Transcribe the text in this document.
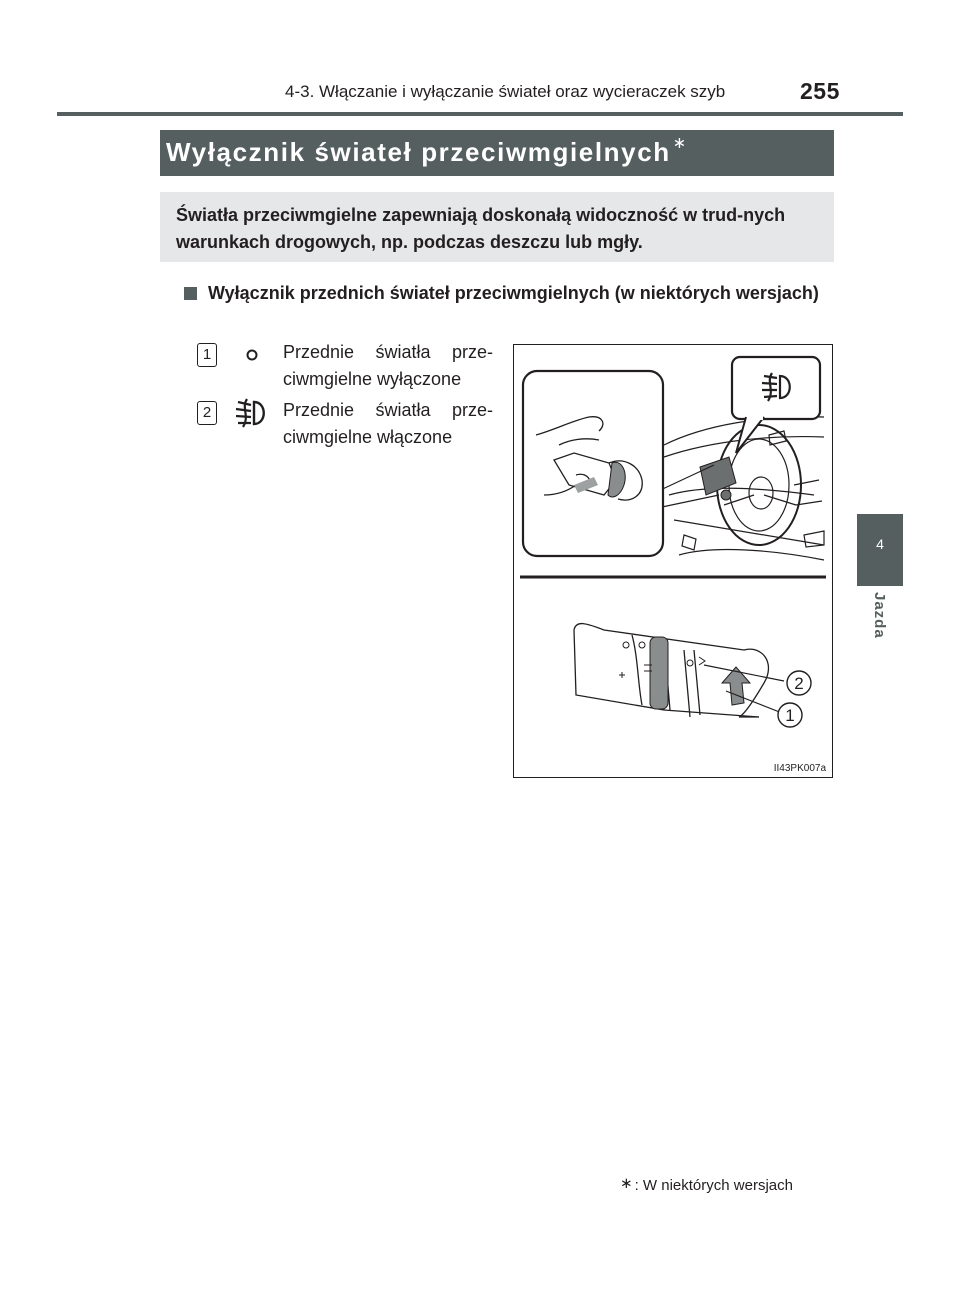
4-3. Włączanie i wyłączanie świateł oraz wycieraczek szyb	255
4
Jazda
Wyłącznik świateł przeciwmgielnych ∗
Światła przeciwmgielne zapewniają doskonałą widoczność w trud-nych warunkach drogowych, np. podczas deszczu lub mgły.
Wyłącznik przednich świateł przeciwmgielnych (w niektórych wersjach)
1	Przednie światła prze-ciwmgielne wyłączone
2	Przednie światła prze-ciwmgielne włączone
2
1
II43PK007a
∗ : W niektórych wersjach
